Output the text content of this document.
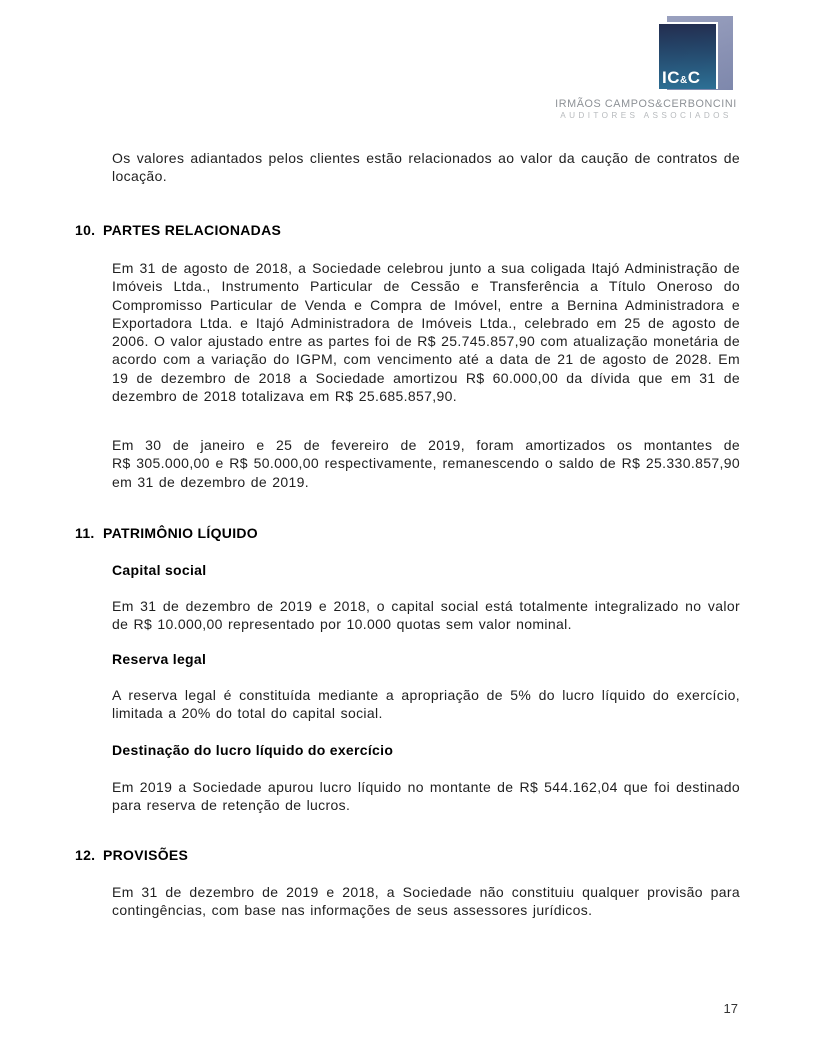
IC&C
IRMÃOS CAMPOS&CERBONCINI
AUDITORES ASSOCIADOS

Os valores adiantados pelos clientes estão relacionados ao valor da caução de contratos de locação.

10. PARTES RELACIONADAS

Em 31 de agosto de 2018, a Sociedade celebrou junto a sua coligada Itajó Administração de Imóveis Ltda., Instrumento Particular de Cessão e Transferência a Título Oneroso do Compromisso Particular de Venda e Compra de Imóvel, entre a Bernina Administradora e Exportadora Ltda. e Itajó Administradora de Imóveis Ltda., celebrado em 25 de agosto de 2006. O valor ajustado entre as partes foi de R$ 25.745.857,90 com atualização monetária de acordo com a variação do IGPM, com vencimento até a data de 21 de agosto de 2028. Em 19 de dezembro de 2018 a Sociedade amortizou R$ 60.000,00 da dívida que em 31 de dezembro de 2018 totalizava em R$ 25.685.857,90.

Em 30 de janeiro e 25 de fevereiro de 2019, foram amortizados os montantes de R$ 305.000,00 e R$ 50.000,00 respectivamente, remanescendo o saldo de R$ 25.330.857,90 em 31 de dezembro de 2019.

11. PATRIMÔNIO LÍQUIDO
Capital social

Em 31 de dezembro de 2019 e 2018, o capital social está totalmente integralizado no valor de R$ 10.000,00 representado por 10.000 quotas sem valor nominal.

Reserva legal

A reserva legal é constituída mediante a apropriação de 5% do lucro líquido do exercício, limitada a 20% do total do capital social.

Destinação do lucro líquido do exercício

Em 2019 a Sociedade apurou lucro líquido no montante de R$ 544.162,04 que foi destinado para reserva de retenção de lucros.

12. PROVISÕES

Em 31 de dezembro de 2019 e 2018, a Sociedade não constituiu qualquer provisão para contingências, com base nas informações de seus assessores jurídicos.

17
